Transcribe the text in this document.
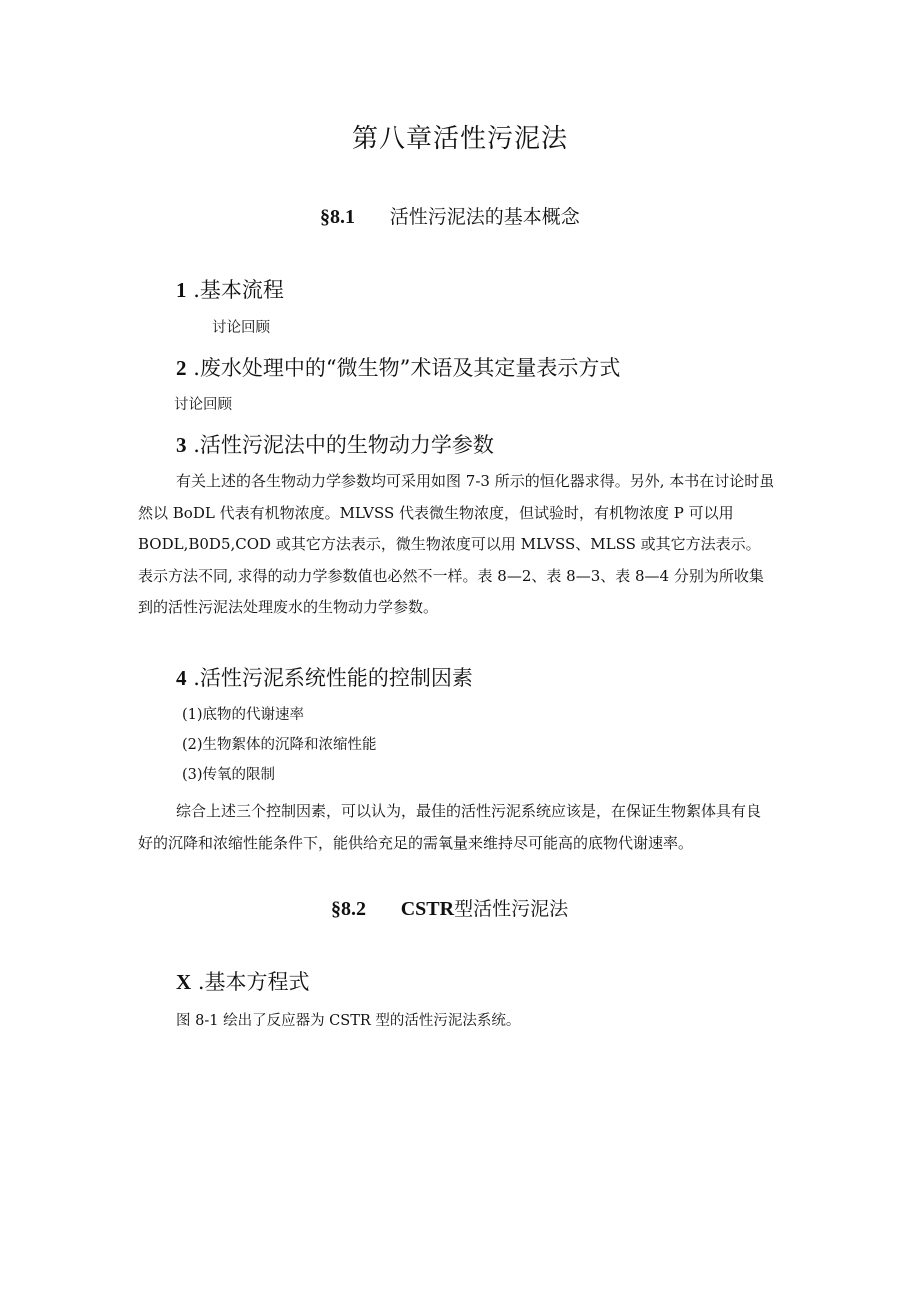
第八章活性污泥法
§8.1 活性污泥法的基本概念
1 .基本流程
讨论回顾
2 .废水处理中的“微生物”术语及其定量表示方式
讨论回顾
3 .活性污泥法中的生物动力学参数
有关上述的各生物动力学参数均可采用如图 7-3 所示的恒化器求得。另外, 本书在讨论时虽
然以 BoDL 代表有机物浓度。MLVSS 代表微生物浓度，但试验时，有机物浓度 P 可以用
BODL,B0D5,COD 或其它方法表示，微生物浓度可以用 MLVSS、MLSS 或其它方法表示。
表示方法不同, 求得的动力学参数值也必然不一样。表 8—2、表 8—3、表 8—4 分别为所收集
到的活性污泥法处理废水的生物动力学参数。
4 .活性污泥系统性能的控制因素
(1)底物的代谢速率
(2)生物絮体的沉降和浓缩性能
(3)传氧的限制
综合上述三个控制因素，可以认为，最佳的活性污泥系统应该是，在保证生物絮体具有良
好的沉降和浓缩性能条件下，能供给充足的需氧量来维持尽可能高的底物代谢速率。
§8.2 CSTR型活性污泥法
X .基本方程式
图 8-1 绘出了反应器为 CSTR 型的活性污泥法系统。
